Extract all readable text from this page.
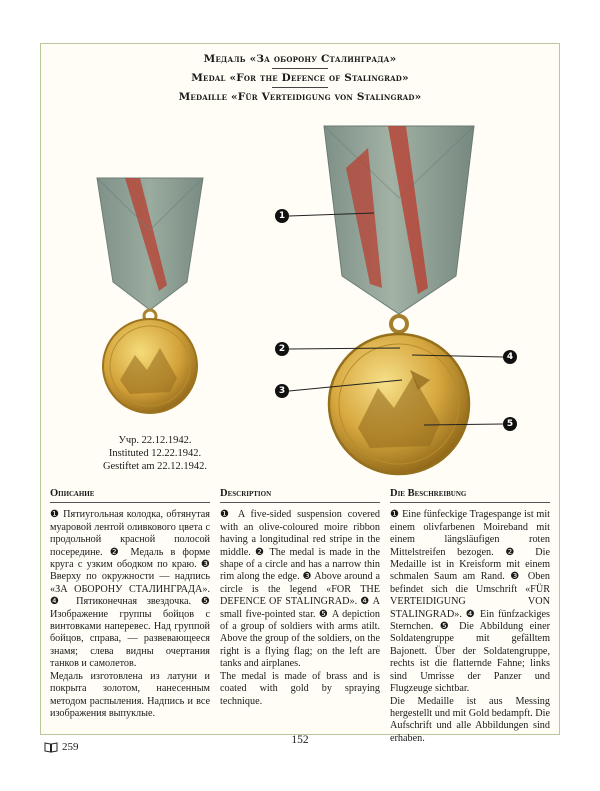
Медаль «За оборону Сталинграда»
Medal «For the Defence of Stalingrad»
Medaille «Für Verteidigung von Stalingrad»
Учр. 22.12.1942.
Instituted 12.22.1942.
Gestiftet am 22.12.1942.
1
2
3
4
5
Описание

❶ Пятиугольная колодка, обтянутая муаровой лентой оливкового цвета с продольной красной полосой посередине. ❷ Медаль в форме круга с узким ободком по краю. ❸ Вверху по окружности — надпись «ЗА ОБОРОНУ СТАЛИНГРАДА». ❹ Пятиконечная звездочка. ❺ Изображение группы бойцов с винтовками наперевес. Над группой бойцов, справа, — развевающееся знамя; слева видны очертания танков и самолетов.

Медаль изготовлена из латуни и покрыта золотом, нанесенным методом распыления. Надпись и все изображения выпуклые.

Description

❶ A five-sided suspension covered with an olive-coloured moire ribbon having a longitudinal red stripe in the middle. ❷ The medal is made in the shape of a circle and has a narrow thin rim along the edge. ❸ Above around a circle is the legend «FOR THE DEFENCE OF STALINGRAD». ❹ A small five-pointed star. ❺ A depiction of a group of soldiers with arms atilt. Above the group of the soldiers, on the right is a flying flag; on the left are tanks and airplanes.

The medal is made of brass and is coated with gold by spraying technique.

Die Beschreibung

❶ Eine fünfeckige Tragespange ist mit einem olivfarbenen Moireband mit einem längsläufigen roten Mittelstreifen bezogen. ❷ Die Medaille ist in Kreisform mit einem schmalen Saum am Rand. ❸ Oben befindet sich die Umschrift «FÜR VERTEIDIGUNG VON STALINGRAD». ❹ Ein fünfzackiges Sternchen. ❺ Die Abbildung einer Soldatengruppe mit gefälltem Bajonett. Über der Soldatengruppe, rechts ist die flatternde Fahne; links sind Umrisse der Panzer und Flugzeuge sichtbar.

Die Medaille ist aus Messing hergestellt und mit Gold bedampft. Die Aufschrift und alle Abbildungen sind erhaben.

259
152
